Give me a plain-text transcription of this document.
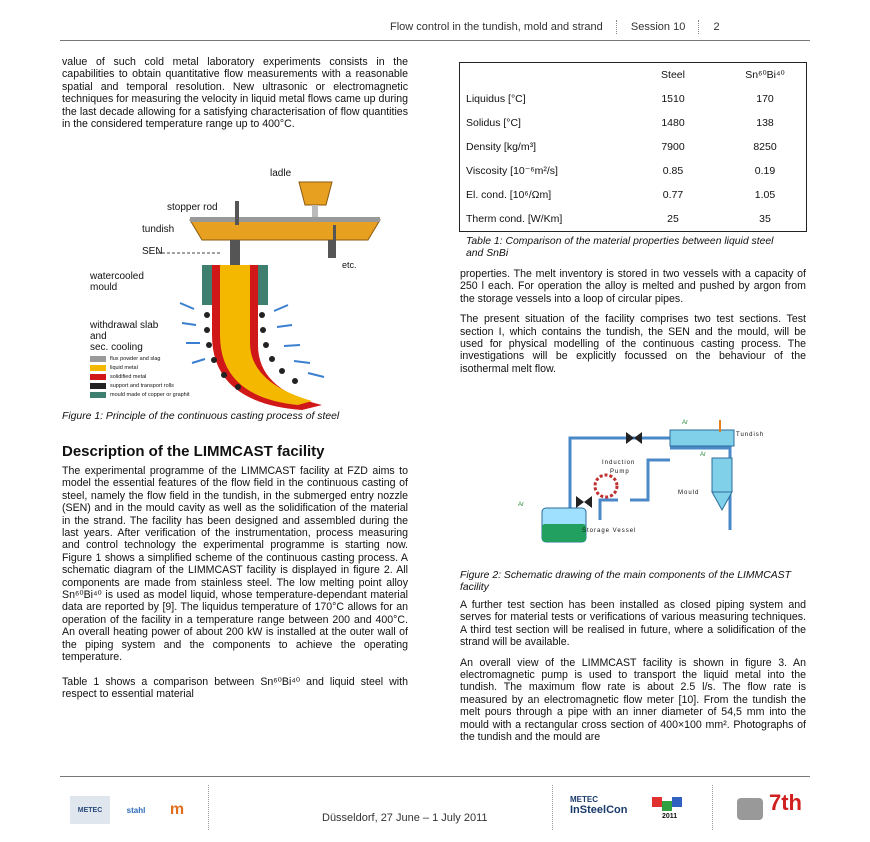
Flow control in the tundish, mold and strand	Session 10	2

value of such cold metal laboratory experiments consists in the capabilities to obtain quantitative flow measurements with a reasonable spatial and temporal resolution. New ultrasonic or electromagnetic techniques for measuring the velocity in liquid metal flows came up during the last decade allowing for a satisfying characterisation of flow quantities in the considered temperature range up to 400°C.

ladle
stopper rod
tundish
SEN
etc.
watercooled
mould
withdrawal slab
and
sec. cooling
flux powder and slag
liquid metal
solidified metal
support and transport rolls
mould made of copper or graphit

Figure 1: Principle of the continuous casting process of steel

Description of the LIMMCAST facility

The experimental programme of the LIMMCAST facility at FZD aims to model the essential features of the flow field in the continuous casting of steel, namely the flow field in the tundish, in the submerged entry nozzle (SEN) and in the mould cavity as well as the solidification of the material in the strand. The facility has been designed and assembled during the last years. After verification of the instrumentation, process measuring and control technology the experimental programme is starting now. Figure 1 shows a simplified scheme of the continuous casting process. A schematic diagram of the LIMMCAST facility is displayed in figure 2. All components are made from stainless steel. The low melting point alloy Sn⁶⁰Bi⁴⁰ is used as model liquid, whose temperature-dependant material data are reported by [9]. The liquidus temperature of 170°C allows for an operation of the facility in a temperature range between 200 and 400°C. An overall heating power of about 200 kW is installed at the outer wall of the piping system and the components to achieve the operating temperature.

Table 1 shows a comparison between Sn⁶⁰Bi⁴⁰ and liquid steel with respect to essential material

	Steel	Sn⁶⁰Bi⁴⁰
Liquidus [°C]	1510	170
Solidus [°C]	1480	138
Density [kg/m³]	7900	8250
Viscosity [10⁻⁶m²/s]	0.85	0.19
El. cond. [10⁶/Ωm]	0.77	1.05
Therm cond. [W/Km]	25	35

Table 1: Comparison of the material properties between liquid steel and SnBi

properties. The melt inventory is stored in two vessels with a capacity of 250 l each. For operation the alloy is melted and pushed by argon from the storage vessels into a loop of circular pipes.

The present situation of the facility comprises two test sections. Test section I, which contains the tundish, the SEN and the mould, will be used for physical modelling of the continuous casting process. The investigations will be explicitly focussed on the behaviour of the isothermal melt flow.

Ar
Ar
Ar
Tundish
Induction
Pump
Mould
Storage Vessel

Figure 2: Schematic drawing of the main components of the LIMMCAST facility

A further test section has been installed as closed piping system and serves for material tests or verifications of various measuring techniques. A third test section will be realised in future, where a solidification of the strand will be available.

An overall view of the LIMMCAST facility is shown in figure 3. An electromagnetic pump is used to transport the liquid metal into the tundish. The maximum flow rate is about 2.5 l/s. The flow rate is measured by an electromagnetic flow meter [10]. From the tundish the melt pours through a pipe with an inner diameter of 54,5 mm into the mould with a rectangular cross section of 400×100 mm². Photographs of the tundish and the mould are

METEC	stahl m	Düsseldorf, 27 June – 1 July 2011
METEC
InSteelCon
2011
7th
